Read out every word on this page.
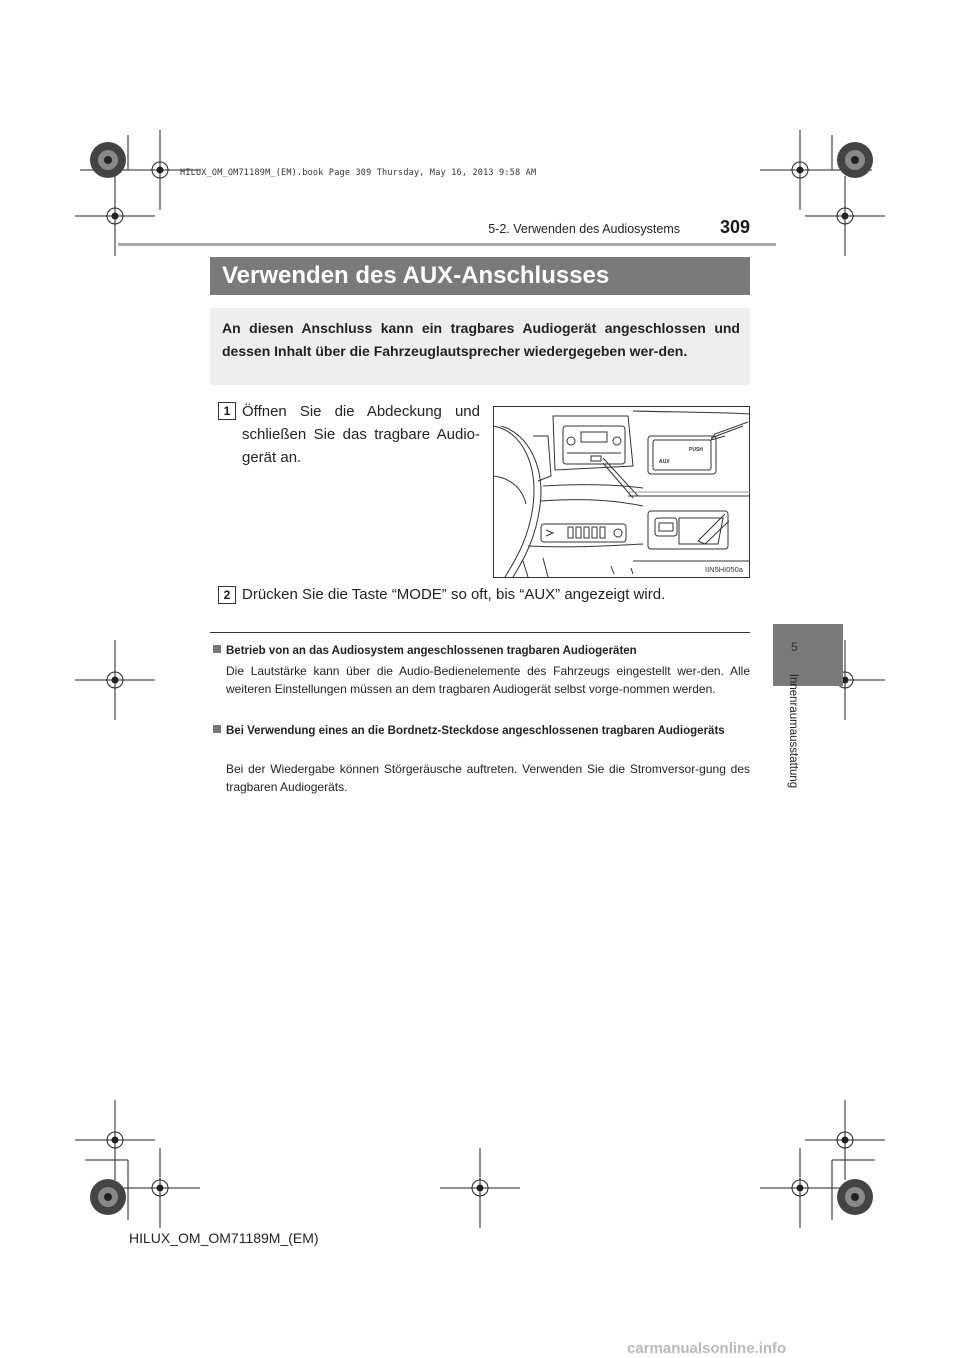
HILUX_OM_OM71189M_(EM).book Page 309 Thursday, May 16, 2013 9:58 AM
5-2. Verwenden des Audiosystems 309
5
Innenraumausstattung
Verwenden des AUX-Anschlusses
An diesen Anschluss kann ein tragbares Audiogerät angeschlossen und dessen Inhalt über die Fahrzeuglautsprecher wiedergegeben wer-den.
1 Öffnen Sie die Abdeckung und schließen Sie das tragbare Audio-gerät an.	PUSH
AUX
IIN5HI050a
2 Drücken Sie die Taste “MODE” so oft, bis “AUX” angezeigt wird.
Betrieb von an das Audiosystem angeschlossenen tragbaren Audiogeräten
Die Lautstärke kann über die Audio-Bedienelemente des Fahrzeugs eingestellt wer-den. Alle weiteren Einstellungen müssen an dem tragbaren Audiogerät selbst vorge-nommen werden.
Bei Verwendung eines an die Bordnetz-Steckdose angeschlossenen tragbaren Audiogeräts
Bei der Wiedergabe können Störgeräusche auftreten. Verwenden Sie die Stromversor-gung des tragbaren Audiogeräts.
HILUX_OM_OM71189M_(EM)
carmanualsonline.info
